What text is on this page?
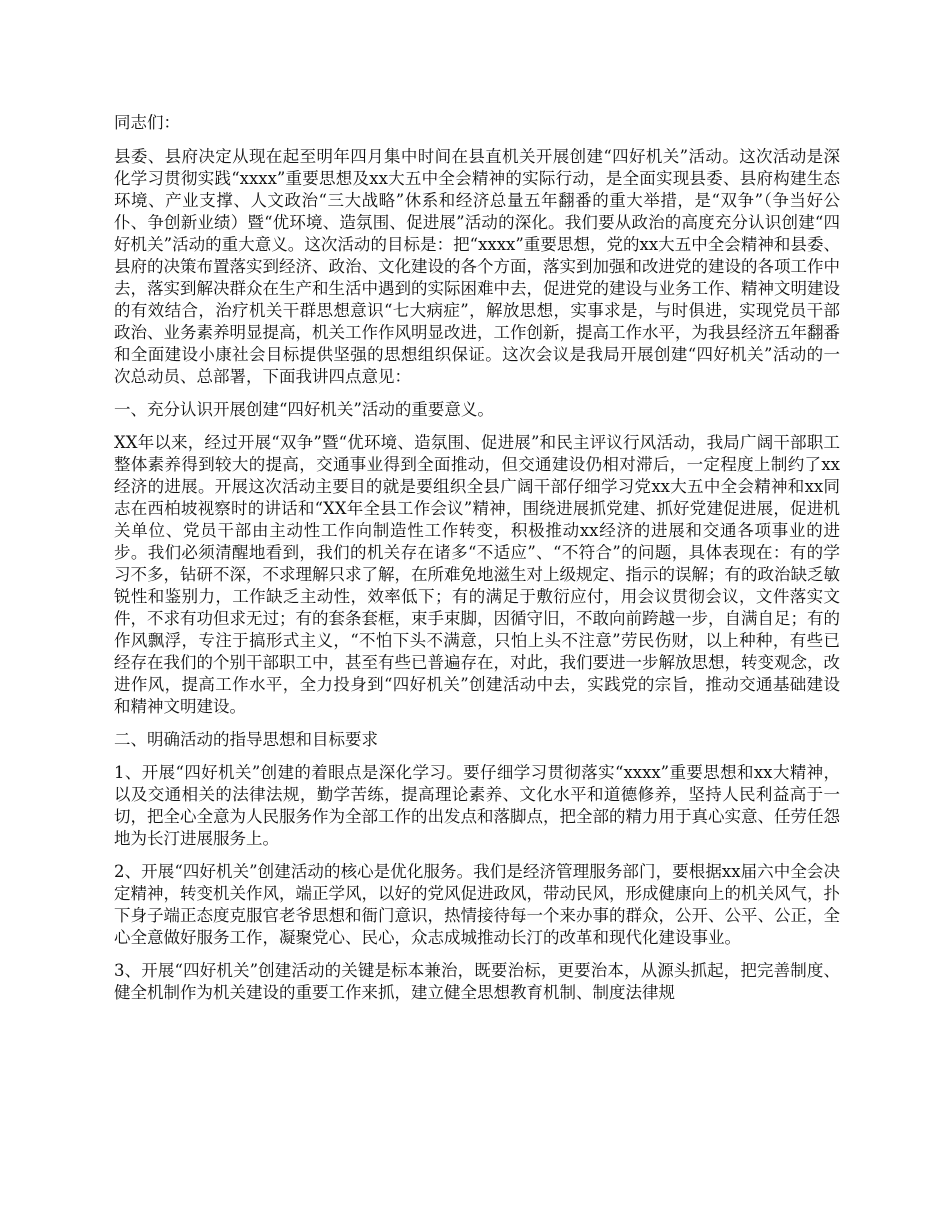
同志们：

县委、县府决定从现在起至明年四月集中时间在县直机关开展创建“四好机关”活动。这次活动是深化学习贯彻实践“xxxx”重要思想及xx大五中全会精神的实际行动，是全面实现县委、县府构建生态环境、产业支撑、人文政治“三大战略”休系和经济总量五年翻番的重大举措，是“双争”（争当好公仆、争创新业绩）暨“优环境、造氛围、促进展”活动的深化。我们要从政治的高度充分认识创建“四好机关”活动的重大意义。这次活动的目标是：把“xxxx”重要思想，党的xx大五中全会精神和县委、县府的决策布置落实到经济、政治、文化建设的各个方面，落实到加强和改进党的建设的各项工作中去，落实到解决群众在生产和生活中遇到的实际困难中去，促进党的建设与业务工作、精神文明建设的有效结合，治疗机关干群思想意识“七大病症”，解放思想，实事求是，与时俱进，实现党员干部政治、业务素养明显提高，机关工作作风明显改进，工作创新，提高工作水平，为我县经济五年翻番和全面建设小康社会目标提供坚强的思想组织保证。这次会议是我局开展创建“四好机关”活动的一次总动员、总部署，下面我讲四点意见：

一、充分认识开展创建“四好机关”活动的重要意义。

XX年以来，经过开展“双争”暨“优环境、造氛围、促进展”和民主评议行风活动，我局广阔干部职工整体素养得到较大的提高，交通事业得到全面推动，但交通建设仍相对滞后，一定程度上制约了xx经济的进展。开展这次活动主要目的就是要组织全县广阔干部仔细学习党xx大五中全会精神和xx同志在西柏坡视察时的讲话和“XX年全县工作会议”精神，围绕进展抓党建、抓好党建促进展，促进机关单位、党员干部由主动性工作向制造性工作转变，积极推动xx经济的进展和交通各项事业的进步。我们必须清醒地看到，我们的机关存在诸多“不适应”、“不符合”的问题，具体表现在：有的学习不多，钻研不深，不求理解只求了解，在所难免地滋生对上级规定、指示的误解；有的政治缺乏敏锐性和鉴别力，工作缺乏主动性，效率低下；有的满足于敷衍应付，用会议贯彻会议，文件落实文件，不求有功但求无过；有的套条套框，束手束脚，因循守旧，不敢向前跨越一步，自满自足；有的作风飘浮，专注于搞形式主义，“不怕下头不满意，只怕上头不注意”劳民伤财，以上种种，有些已经存在我们的个别干部职工中，甚至有些已普遍存在，对此，我们要进一步解放思想，转变观念，改进作风，提高工作水平，全力投身到“四好机关”创建活动中去，实践党的宗旨，推动交通基础建设和精神文明建设。

二、明确活动的指导思想和目标要求

1、开展“四好机关”创建的着眼点是深化学习。要仔细学习贯彻落实“xxxx”重要思想和xx大精神，以及交通相关的法律法规，勤学苦练，提高理论素养、文化水平和道德修养，坚持人民利益高于一切，把全心全意为人民服务作为全部工作的出发点和落脚点，把全部的精力用于真心实意、任劳任怨地为长汀进展服务上。

2、开展“四好机关”创建活动的核心是优化服务。我们是经济管理服务部门，要根据xx届六中全会决定精神，转变机关作风，端正学风，以好的党风促进政风，带动民风，形成健康向上的机关风气，扑下身子端正态度克服官老爷思想和衙门意识，热情接待每一个来办事的群众，公开、公平、公正，全心全意做好服务工作，凝聚党心、民心，众志成城推动长汀的改革和现代化建设事业。

3、开展“四好机关”创建活动的关键是标本兼治，既要治标，更要治本，从源头抓起，把完善制度、健全机制作为机关建设的重要工作来抓，建立健全思想教育机制、制度法律规
